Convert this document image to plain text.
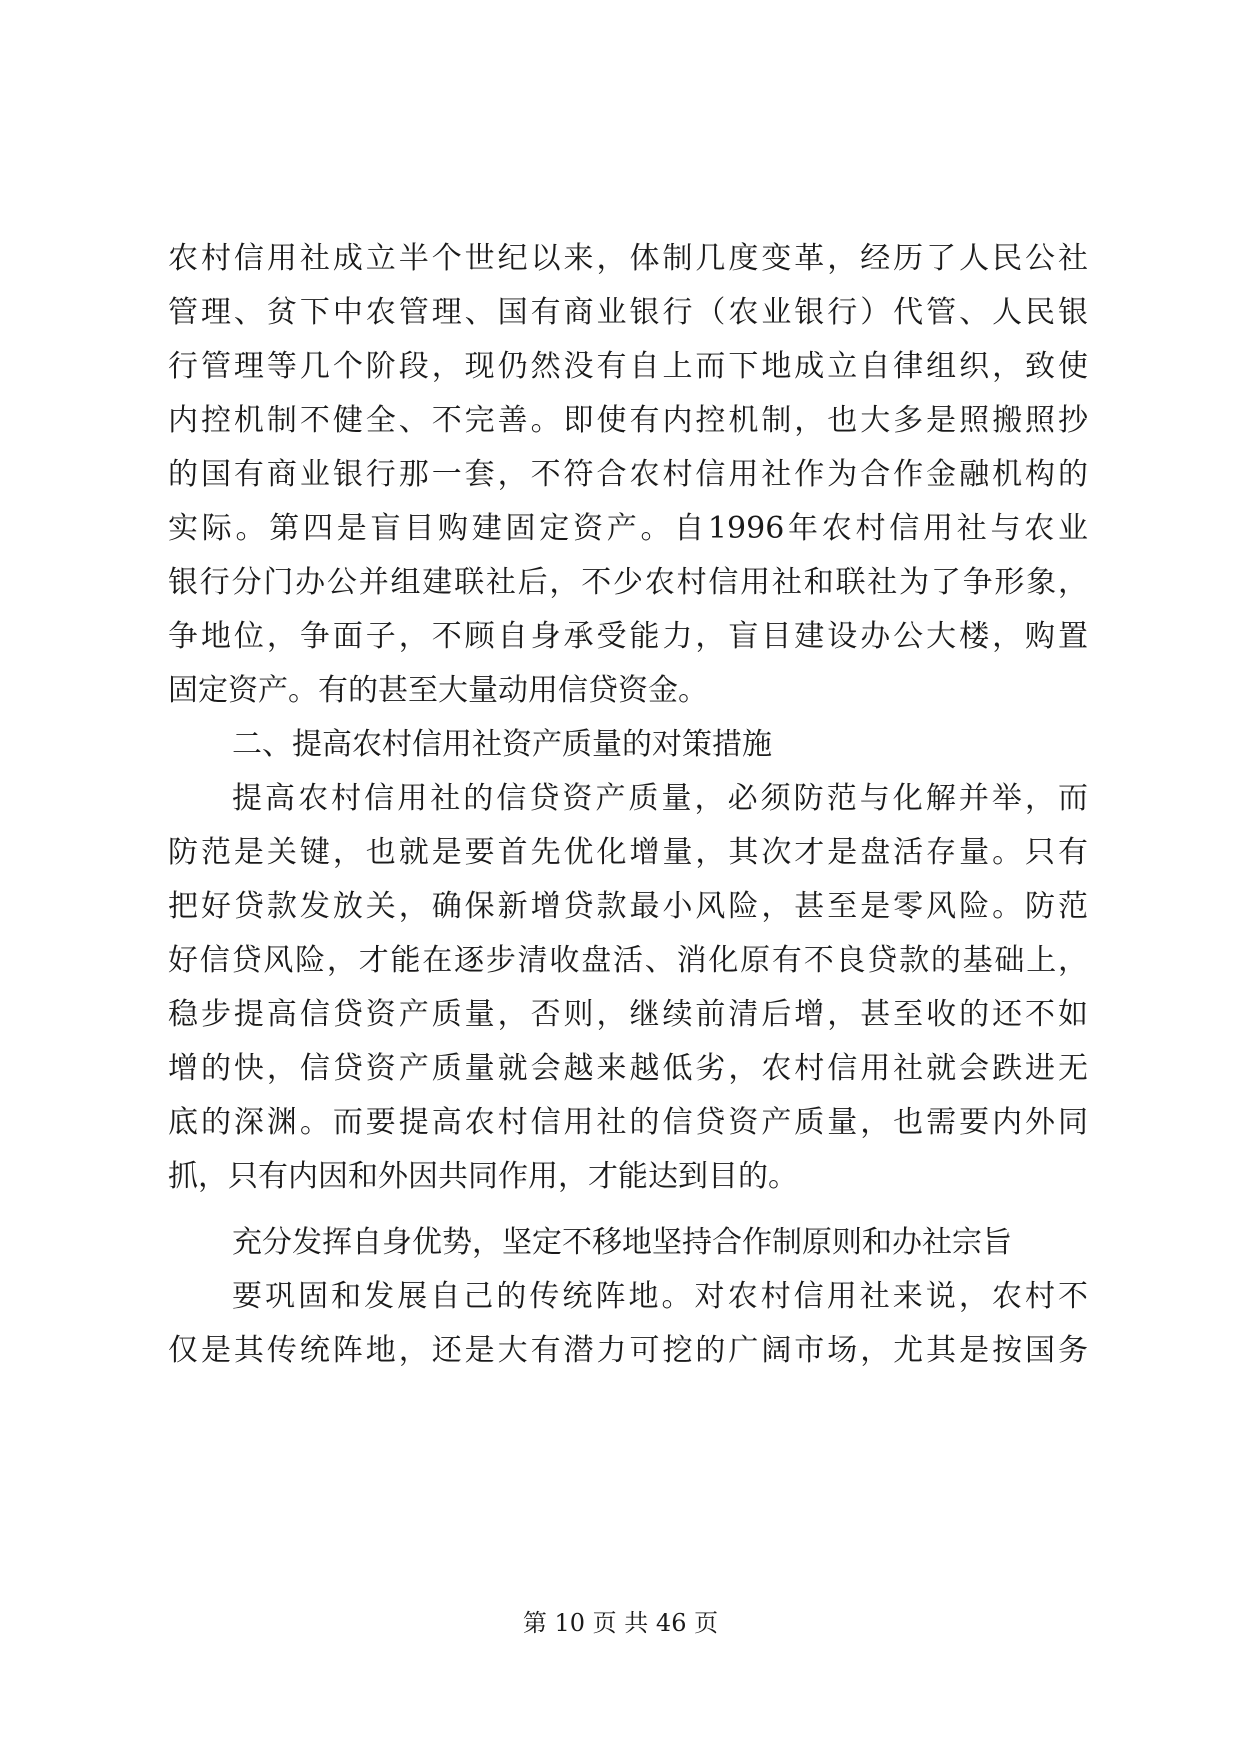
农村信用社成立半个世纪以来，体制几度变革，经历了人民公社
管理、贫下中农管理、国有商业银行（农业银行）代管、人民银
行管理等几个阶段，现仍然没有自上而下地成立自律组织，致使
内控机制不健全、不完善。即使有内控机制，也大多是照搬照抄
的国有商业银行那一套，不符合农村信用社作为合作金融机构的
实际。第四是盲目购建固定资产。自1996年农村信用社与农业
银行分门办公并组建联社后，不少农村信用社和联社为了争形象，
争地位，争面子，不顾自身承受能力，盲目建设办公大楼，购置
固定资产。有的甚至大量动用信贷资金。
二、提高农村信用社资产质量的对策措施
提高农村信用社的信贷资产质量，必须防范与化解并举，而
防范是关键，也就是要首先优化增量，其次才是盘活存量。只有
把好贷款发放关，确保新增贷款最小风险，甚至是零风险。防范
好信贷风险，才能在逐步清收盘活、消化原有不良贷款的基础上，
稳步提高信贷资产质量，否则，继续前清后增，甚至收的还不如
增的快，信贷资产质量就会越来越低劣，农村信用社就会跌进无
底的深渊。而要提高农村信用社的信贷资产质量，也需要内外同
抓，只有内因和外因共同作用，才能达到目的。
充分发挥自身优势，坚定不移地坚持合作制原则和办社宗旨
要巩固和发展自己的传统阵地。对农村信用社来说，农村不
仅是其传统阵地，还是大有潜力可挖的广阔市场，尤其是按国务
第 10 页 共 46 页
